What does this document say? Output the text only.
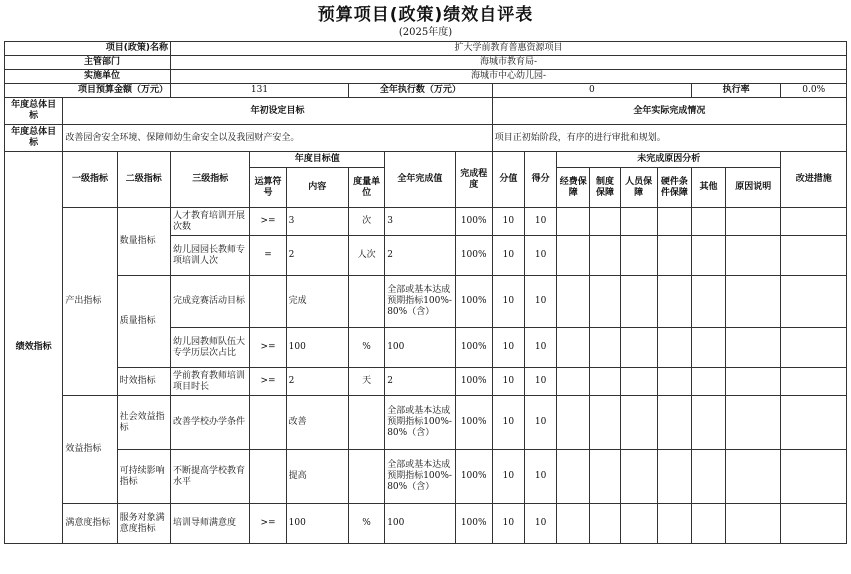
预算项目(政策)绩效自评表
(2025年度)
项目(政策)名称			扩大学前教育普惠资源项目														
主管部门			海城市教育局-														
实施单位			海城市中心幼儿园-														
项目预算金额（万元）			131			全年执行数（万元）			0						执行率		0.0%
年度总体目标	年初设定目标								全年实际完成情况								
年度总体目标	改善园舍安全环境、保障师幼生命安全以及我园财产安全。								项目正初始阶段，有序的进行审批和规划。								
绩效指标	一级指标	二级指标	三级指标	年度目标值			全年完成值	完成程度	分值	得分	未完成原因分析						改进措施
				运算符号	内容	度量单位					经费保障	制度保障	人员保障	硬件条件保障	其他	原因说明	
	产出指标	数量指标	人才教育培训开展次数	>=	3	次	3	100%	10	10							
			幼儿园园长教师专项培训人次	=	2	人次	2	100%	10	10							
		质量指标	完成竞赛活动目标		完成		全部或基本达成预期指标100%-80%（含）	100%	10	10							
			幼儿园教师队伍大专学历层次占比	>=	100	%	100	100%	10	10							
		时效指标	学前教育教师培训项目时长	>=	2	天	2	100%	10	10							

	效益指标	社会效益指标	改善学校办学条件		改善		全部或基本达成预期指标100%-80%（含）	100%	10	10							
		可持续影响指标	不断提高学校教育水平		提高		全部或基本达成预期指标100%-80%（含）	100%	10	10							
	满意度指标	服务对象满意度指标	培训导师满意度	>=	100	%	100	100%	10	10							
